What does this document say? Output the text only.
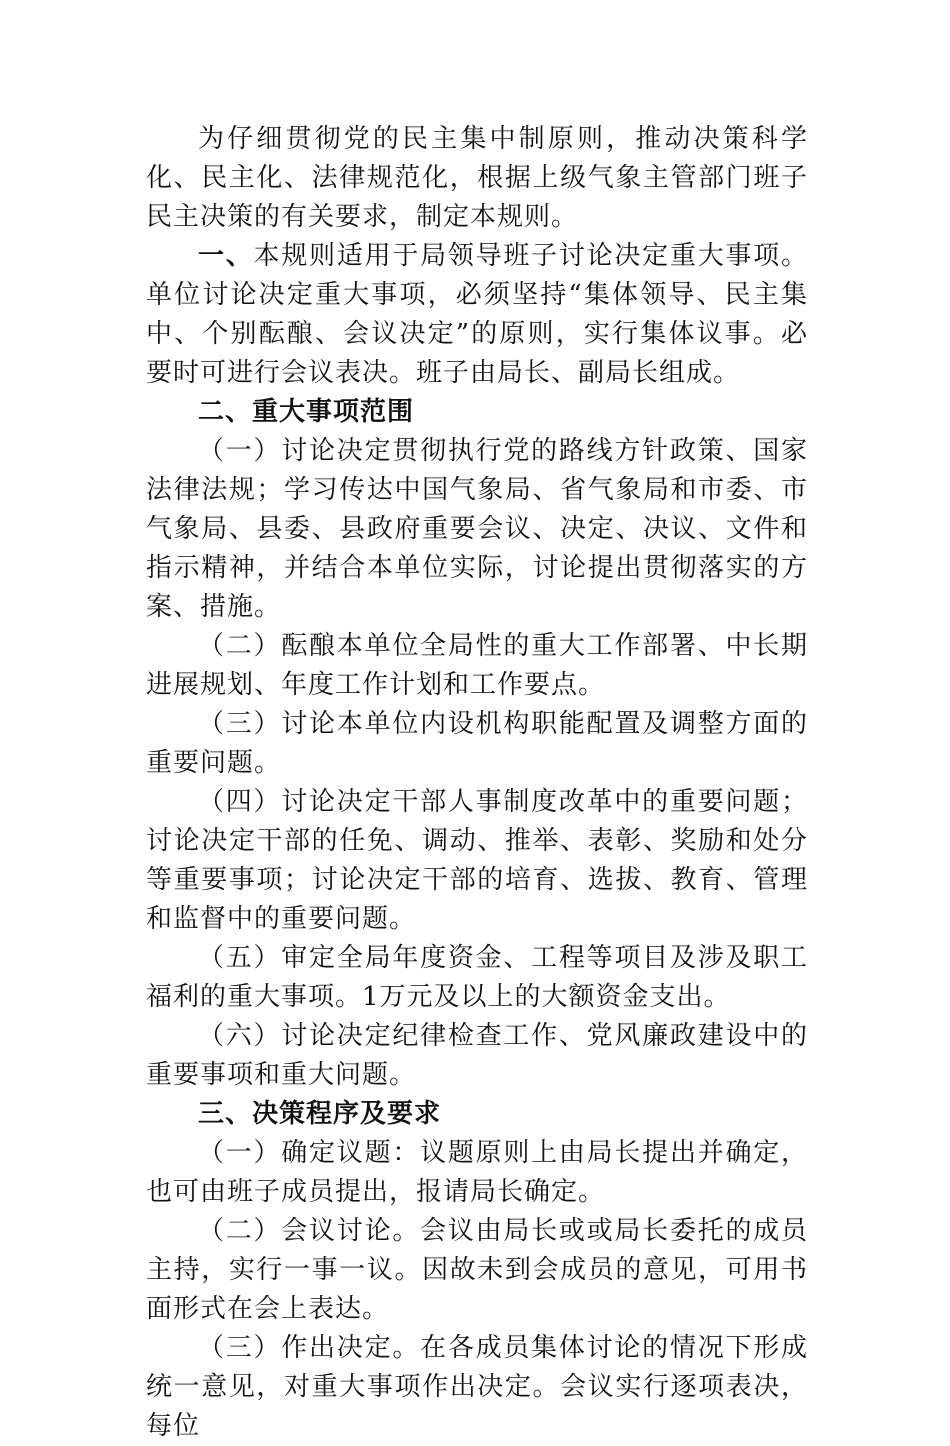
为仔细贯彻党的民主集中制原则，推动决策科学化、民主化、法律规范化，根据上级气象主管部门班子民主决策的有关要求，制定本规则。

一、本规则适用于局领导班子讨论决定重大事项。单位讨论决定重大事项，必须坚持“集体领导、民主集中、个别酝酿、会议决定”的原则，实行集体议事。必要时可进行会议表决。班子由局长、副局长组成。

二、重大事项范围

（一）讨论决定贯彻执行党的路线方针政策、国家法律法规；学习传达中国气象局、省气象局和市委、市气象局、县委、县政府重要会议、决定、决议、文件和指示精神，并结合本单位实际，讨论提出贯彻落实的方案、措施。

（二）酝酿本单位全局性的重大工作部署、中长期进展规划、年度工作计划和工作要点。

（三）讨论本单位内设机构职能配置及调整方面的重要问题。

（四）讨论决定干部人事制度改革中的重要问题；讨论决定干部的任免、调动、推举、表彰、奖励和处分等重要事项；讨论决定干部的培育、选拔、教育、管理和监督中的重要问题。

（五）审定全局年度资金、工程等项目及涉及职工福利的重大事项。1万元及以上的大额资金支出。

（六）讨论决定纪律检查工作、党风廉政建设中的重要事项和重大问题。

三、决策程序及要求

（一）确定议题：议题原则上由局长提出并确定，也可由班子成员提出，报请局长确定。

（二）会议讨论。会议由局长或或局长委托的成员主持，实行一事一议。因故未到会成员的意见，可用书面形式在会上表达。

（三）作出决定。在各成员集体讨论的情况下形成统一意见，对重大事项作出决定。会议实行逐项表决，每位
